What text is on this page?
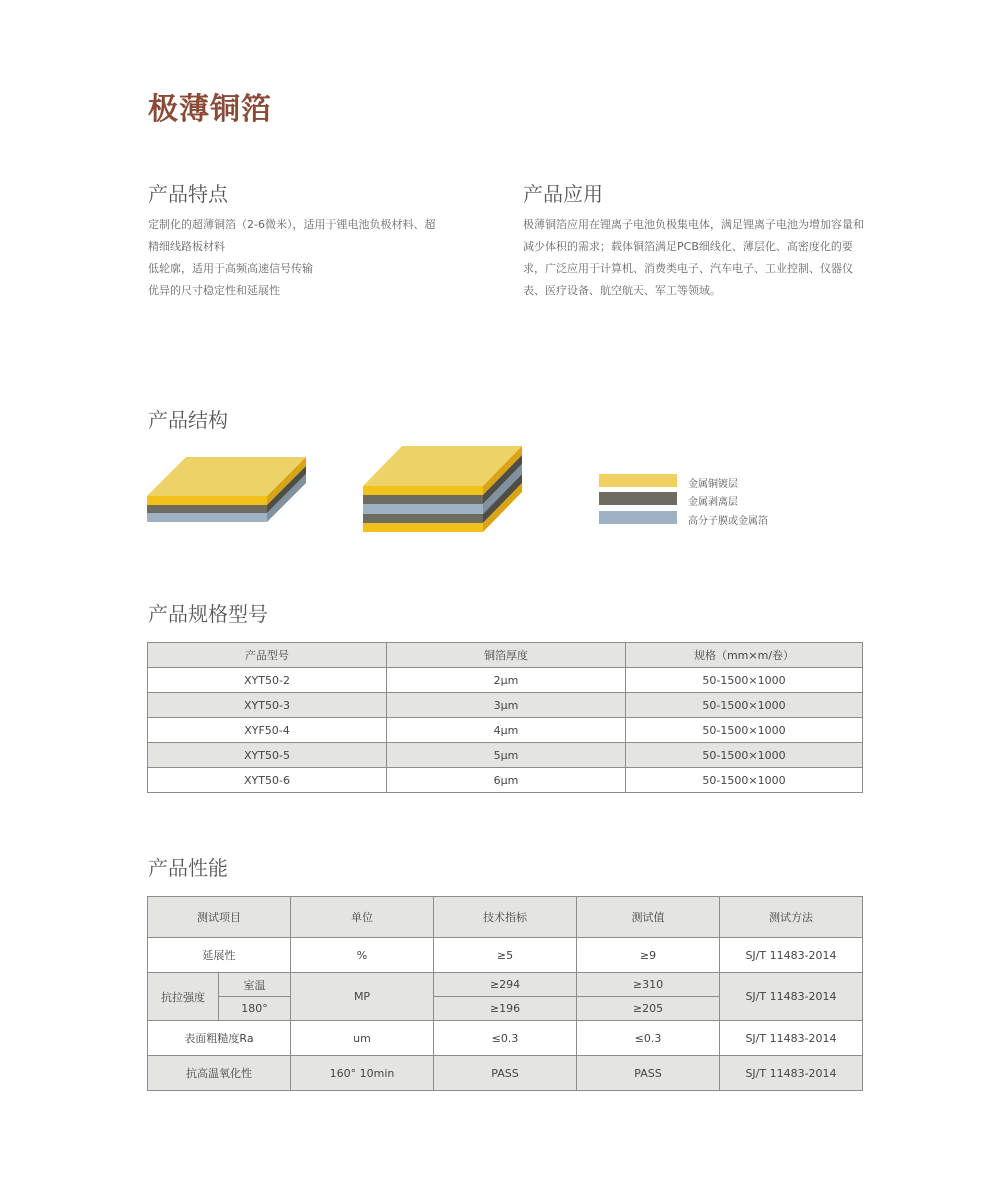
极薄铜箔
产品特点

定制化的超薄铜箔（2-6微米），适用于锂电池负极材料、超

精细线路板材料

低轮廓，适用于高频高速信号传输

优异的尺寸稳定性和延展性

产品应用
极薄铜箔应用在锂离子电池负极集电体，满足锂离子电池为增加容量和减少体积的需求；载体铜箔满足PCB细线化、薄层化、高密度化的要求，广泛应用于计算机、消费类电子、汽车电子、工业控制、仪器仪表、医疗设备、航空航天、军工等领域。
产品结构
金属铜镀层
金属剥离层
高分子膜或金属箔
产品规格型号
产品型号	铜箔厚度	规格（mm×m/卷）
XYT50-2	2μm	50-1500×1000
XYT50-3	3μm	50-1500×1000
XYF50-4	4μm	50-1500×1000
XYT50-5	5μm	50-1500×1000
XYT50-6	6μm	50-1500×1000
产品性能
测试项目		单位	技术指标	测试值	测试方法
延展性		%	≥5	≥9	SJ/T 11483-2014
抗拉强度	室温	MP	≥294	≥310	SJ/T 11483-2014
	180°		≥196	≥205	
表面粗糙度Ra		um	≤0.3	≤0.3	SJ/T 11483-2014
抗高温氧化性		160° 10min	PASS	PASS	SJ/T 11483-2014
